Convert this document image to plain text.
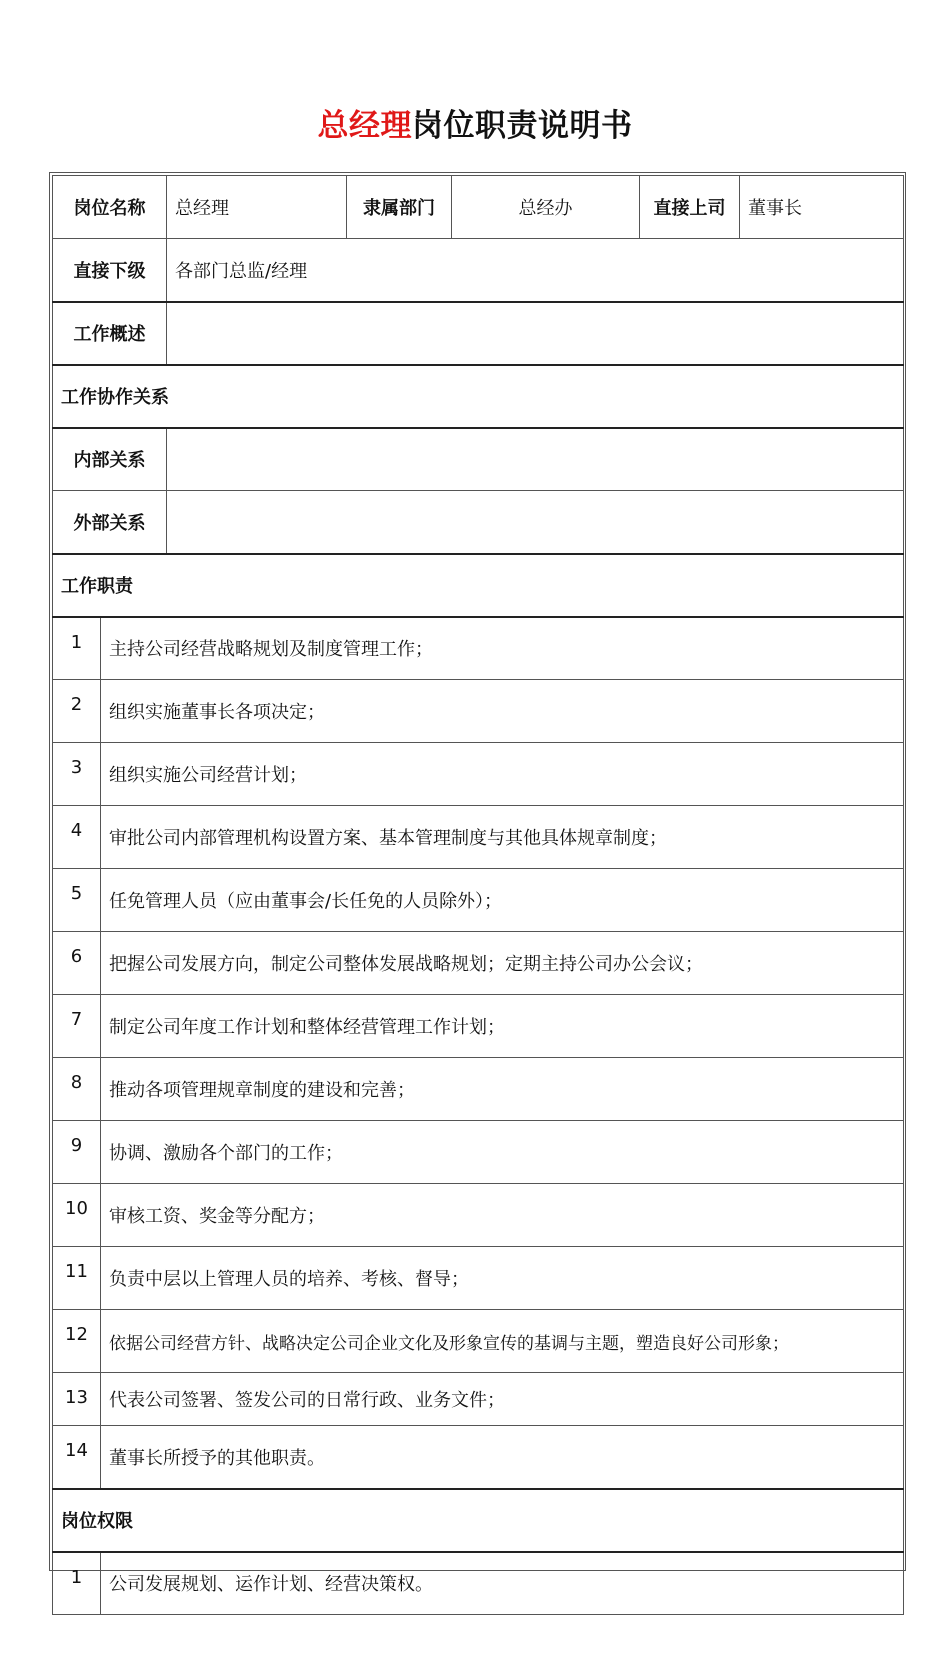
总经理岗位职责说明书
岗位名称		总经理	隶属部门	总经办	直接上司	董事长
直接下级		各部门总监/经理				
工作概述						
工作协作关系						
内部关系						
外部关系						
工作职责						
1	主持公司经营战略规划及制度管理工作；					
2	组织实施董事长各项决定；					
3	组织实施公司经营计划；					
4	审批公司内部管理机构设置方案、基本管理制度与其他具体规章制度；					
5	任免管理人员（应由董事会/长任免的人员除外）；					
6	把握公司发展方向，制定公司整体发展战略规划；定期主持公司办公会议；					
7	制定公司年度工作计划和整体经营管理工作计划；					
8	推动各项管理规章制度的建设和完善；					
9	协调、激励各个部门的工作；					
10	审核工资、奖金等分配方；					
11	负责中层以上管理人员的培养、考核、督导；					
12	依据公司经营方针、战略决定公司企业文化及形象宣传的基调与主题，塑造良好公司形象；					
13	代表公司签署、签发公司的日常行政、业务文件；					
14	董事长所授予的其他职责。					
岗位权限						
1	公司发展规划、运作计划、经营决策权。					
